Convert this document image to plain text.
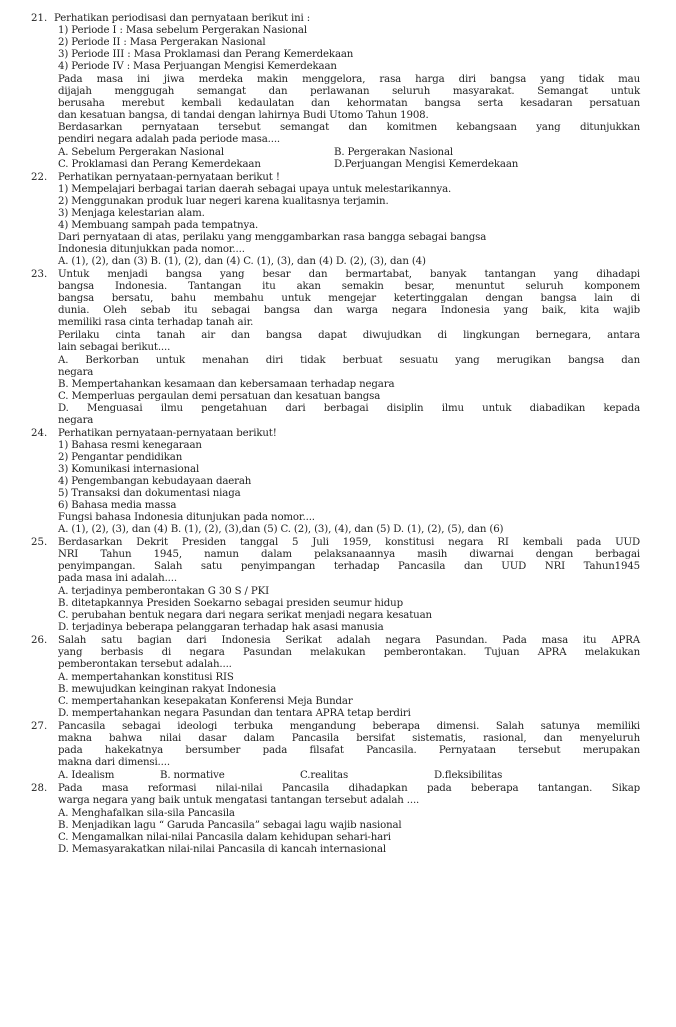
21. Perhatikan periodisasi dan pernyataan berikut ini :
1) Periode I : Masa sebelum Pergerakan Nasional
2) Periode II : Masa Pergerakan Nasional
3) Periode III : Masa Proklamasi dan Perang Kemerdekaan
4) Periode IV : Masa Perjuangan Mengisi Kemerdekaan
Pada masa ini jiwa merdeka makin menggelora, rasa harga diri bangsa yang tidak mau
dijajah menggugah semangat dan perlawanan seluruh masyarakat. Semangat untuk
berusaha merebut kembali kedaulatan dan kehormatan bangsa serta kesadaran persatuan
dan kesatuan bangsa, di tandai dengan lahirnya Budi Utomo Tahun 1908.
Berdasarkan pernyataan tersebut semangat dan komitmen kebangsaan yang ditunjukkan
pendiri negara adalah pada periode masa....
A. Sebelum Pergerakan Nasional	B. Pergerakan Nasional
C. Proklamasi dan Perang Kemerdekaan	D.Perjuangan Mengisi Kemerdekaan
22. Perhatikan pernyataan-pernyataan berikut !
1) Mempelajari berbagai tarian daerah sebagai upaya untuk melestarikannya.
2) Menggunakan produk luar negeri karena kualitasnya terjamin.
3) Menjaga kelestarian alam.
4) Membuang sampah pada tempatnya.
Dari pernyataan di atas, perilaku yang menggambarkan rasa bangga sebagai bangsa
Indonesia ditunjukkan pada nomor....
A. (1), (2), dan (3) B. (1), (2), dan (4) C. (1), (3), dan (4) D. (2), (3), dan (4)
23. Untuk menjadi bangsa yang besar dan bermartabat, banyak tantangan yang dihadapi
bangsa Indonesia. Tantangan itu akan semakin besar, menuntut seluruh komponem
bangsa bersatu, bahu membahu untuk mengejar ketertinggalan dengan bangsa lain di
dunia. Oleh sebab itu sebagai bangsa dan warga negara Indonesia yang baik, kita wajib
memiliki rasa cinta terhadap tanah air.
Perilaku cinta tanah air dan bangsa dapat diwujudkan di lingkungan bernegara, antara
lain sebagai berikut....
A. Berkorban untuk menahan diri tidak berbuat sesuatu yang merugikan bangsa dan
negara
B. Mempertahankan kesamaan dan kebersamaan terhadap negara
C. Memperluas pergaulan demi persatuan dan kesatuan bangsa
D. Menguasai ilmu pengetahuan dari berbagai disiplin ilmu untuk diabadikan kepada
negara
24. Perhatikan pernyataan-pernyataan berikut!
1) Bahasa resmi kenegaraan
2) Pengantar pendidikan
3) Komunikasi internasional
4) Pengembangan kebudayaan daerah
5) Transaksi dan dokumentasi niaga
6) Bahasa media massa
Fungsi bahasa Indonesia ditunjukan pada nomor....
A. (1), (2), (3), dan (4) B. (1), (2), (3),dan (5) C. (2), (3), (4), dan (5) D. (1), (2), (5), dan (6)
25. Berdasarkan Dekrit Presiden tanggal 5 Juli 1959, konstitusi negara RI kembali pada UUD
NRI Tahun 1945, namun dalam pelaksanaannya masih diwarnai dengan berbagai
penyimpangan. Salah satu penyimpangan terhadap Pancasila dan UUD NRI Tahun1945
pada masa ini adalah....
A. terjadinya pemberontakan G 30 S / PKI
B. ditetapkannya Presiden Soekarno sebagai presiden seumur hidup
C. perubahan bentuk negara dari negara serikat menjadi negara kesatuan
D. terjadinya beberapa pelanggaran terhadap hak asasi manusia
26. Salah satu bagian dari Indonesia Serikat adalah negara Pasundan. Pada masa itu APRA
yang berbasis di negara Pasundan melakukan pemberontakan. Tujuan APRA melakukan
pemberontakan tersebut adalah....
A. mempertahankan konstitusi RIS
B. mewujudkan keinginan rakyat Indonesia
C. mempertahankan kesepakatan Konferensi Meja Bundar
D. mempertahankan negara Pasundan dan tentara APRA tetap berdiri
27. Pancasila sebagai ideologi terbuka mengandung beberapa dimensi. Salah satunya memiliki
makna bahwa nilai dasar dalam Pancasila bersifat sistematis, rasional, dan menyeluruh
pada hakekatnya bersumber pada filsafat Pancasila. Pernyataan tersebut merupakan
makna dari dimensi....
A. Idealism	B. normative	C.realitas	D.fleksibilitas
28. Pada masa reformasi nilai-nilai Pancasila dihadapkan pada beberapa tantangan. Sikap
warga negara yang baik untuk mengatasi tantangan tersebut adalah ....
A. Menghafalkan sila-sila Pancasila
B. Menjadikan lagu “ Garuda Pancasila” sebagai lagu wajib nasional
C. Mengamalkan nilai-nilai Pancasila dalam kehidupan sehari-hari
D. Memasyarakatkan nilai-nilai Pancasila di kancah internasional
